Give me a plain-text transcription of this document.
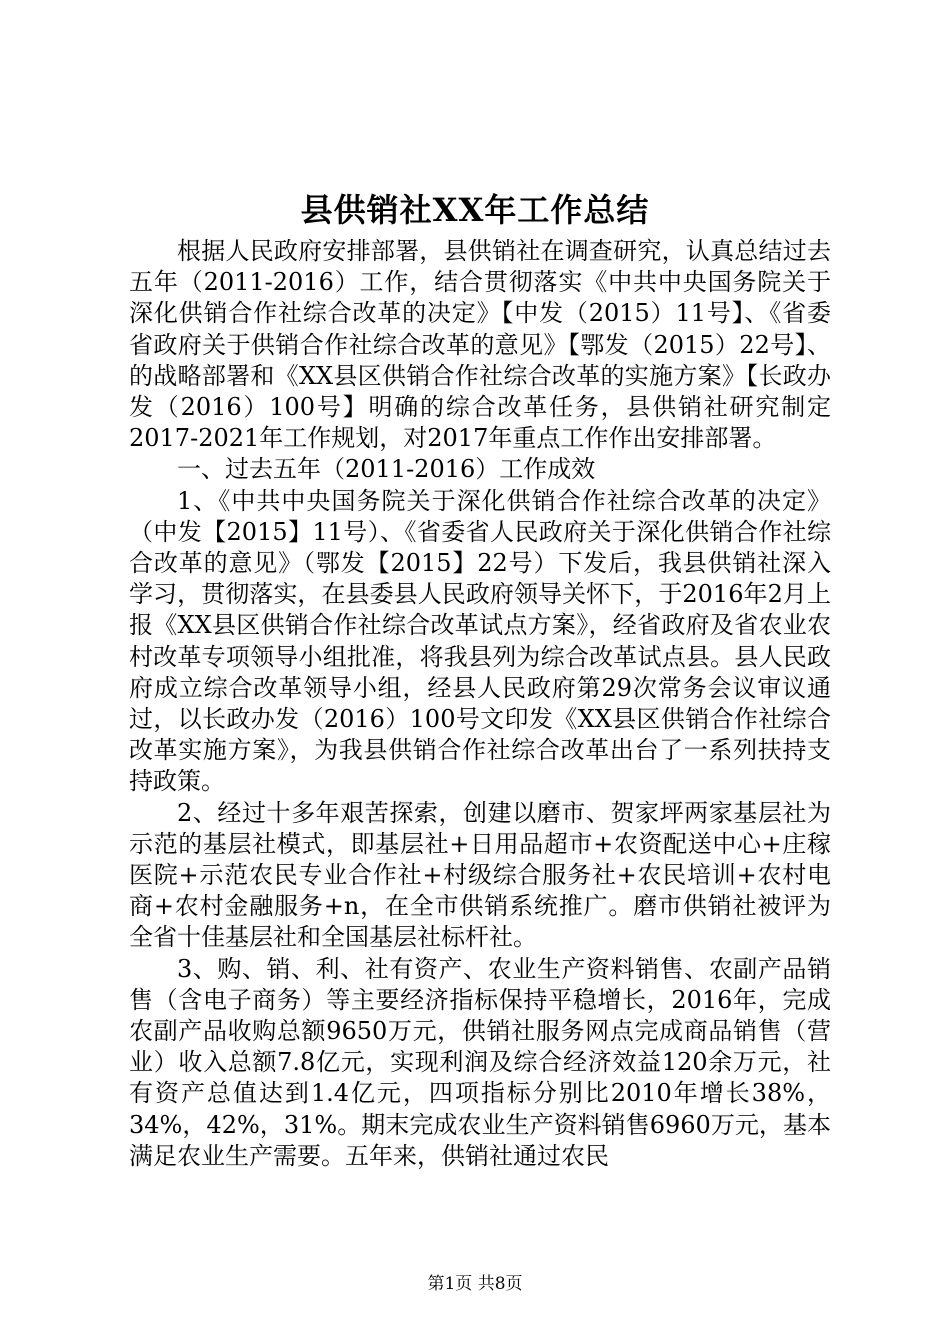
县供销社XX年工作总结

根据人民政府安排部署，县供销社在调查研究，认真总结过去五年（2011-2016）工作，结合贯彻落实《中共中央国务院关于深化供销合作社综合改革的决定》【中发（2015）11号】、《省委省政府关于供销合作社综合改革的意见》【鄂发（2015）22号】、的战略部署和《XX县区供销合作社综合改革的实施方案》【长政办发（2016）100号】明确的综合改革任务，县供销社研究制定2017-2021年工作规划，对2017年重点工作作出安排部署。

一、过去五年（2011-2016）工作成效

1、《中共中央国务院关于深化供销合作社综合改革的决定》（中发【2015】11号）、《省委省人民政府关于深化供销合作社综合改革的意见》（鄂发【2015】22号）下发后，我县供销社深入学习，贯彻落实，在县委县人民政府领导关怀下，于2016年2月上报《XX县区供销合作社综合改革试点方案》，经省政府及省农业农村改革专项领导小组批准，将我县列为综合改革试点县。县人民政府成立综合改革领导小组，经县人民政府第29次常务会议审议通过，以长政办发（2016）100号文印发《XX县区供销合作社综合改革实施方案》，为我县供销合作社综合改革出台了一系列扶持支持政策。

2、经过十多年艰苦探索，创建以磨市、贺家坪两家基层社为示范的基层社模式，即基层社+日用品超市+农资配送中心+庄稼医院+示范农民专业合作社+村级综合服务社+农民培训+农村电商+农村金融服务+n，在全市供销系统推广。磨市供销社被评为全省十佳基层社和全国基层社标杆社。

3、购、销、利、社有资产、农业生产资料销售、农副产品销售（含电子商务）等主要经济指标保持平稳增长，2016年，完成农副产品收购总额9650万元，供销社服务网点完成商品销售（营业）收入总额7.8亿元，实现利润及综合经济效益120余万元，社有资产总值达到1.4亿元，四项指标分别比2010年增长38%，34%，42%，31%。期末完成农业生产资料销售6960万元，基本满足农业生产需要。五年来，供销社通过农民

第1页 共8页
